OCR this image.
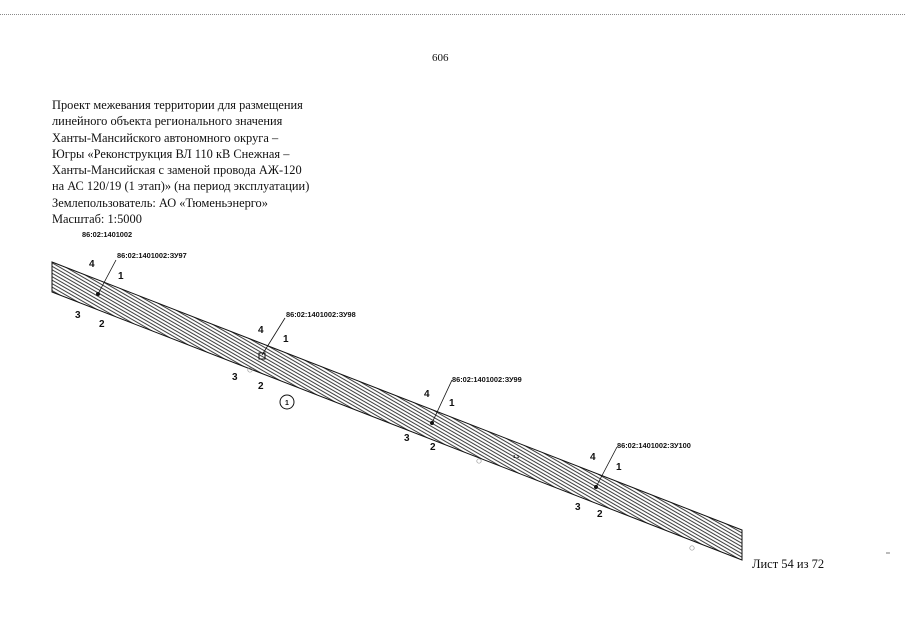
606
Проект межевания территории для размещения
линейного объекта регионального значения
Ханты-Мансийского автономного округа –
Югры «Реконструкция ВЛ 110 кВ Снежная –
Ханты-Мансийская с заменой провода АЖ-120
на АС 120/19 (1 этап)» (на период эксплуатации)
Землепользователь: АО «Тюменьэнерго»
Масштаб: 1:5000
86:02:1401002
86:02:1401002:ЗУ97
4
1
3
2
86:02:1401002:ЗУ98
4
1
3
2
1
86:02:1401002:ЗУ99
4
1
3
2
1.1
86:02:1401002:ЗУ100
4
1
3
2
Лист 54 из 72
